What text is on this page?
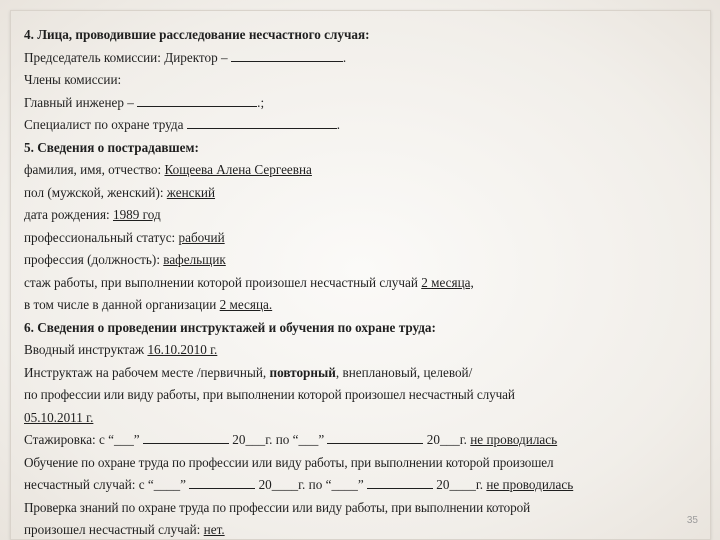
4. Лица, проводившие расследование несчастного случая:
Председатель комиссии: Директор –	.
Члены комиссии:
Главный инженер –	.;
Специалист по охране труда	.
5. Сведения о пострадавшем:
фамилия, имя, отчество: Кощеева Алена Сергеевна
пол (мужской, женский): женский
дата рождения: 1989 год
профессиональный статус: рабочий
профессия (должность): вафельщик
стаж работы, при выполнении которой произошел несчастный случай 2 месяца,
в том числе в данной организации 2 месяца.
6. Сведения о проведении инструктажей и обучения по охране труда:
Вводный инструктаж 16.10.2010 г.
Инструктаж на рабочем месте /первичный, повторный, внеплановый, целевой/
по профессии или виду работы, при выполнении которой произошел несчастный случай
05.10.2011 г.
Стажировка: с “___”	20___г. по “___”	20___г. не проводилась
Обучение по охране труда по профессии или виду работы, при выполнении которой произошел
несчастный случай: с “____”	20____г. по “____”	20____г. не проводилась
Проверка знаний по охране труда по профессии или виду работы, при выполнении которой
произошел несчастный случай: нет.
35
